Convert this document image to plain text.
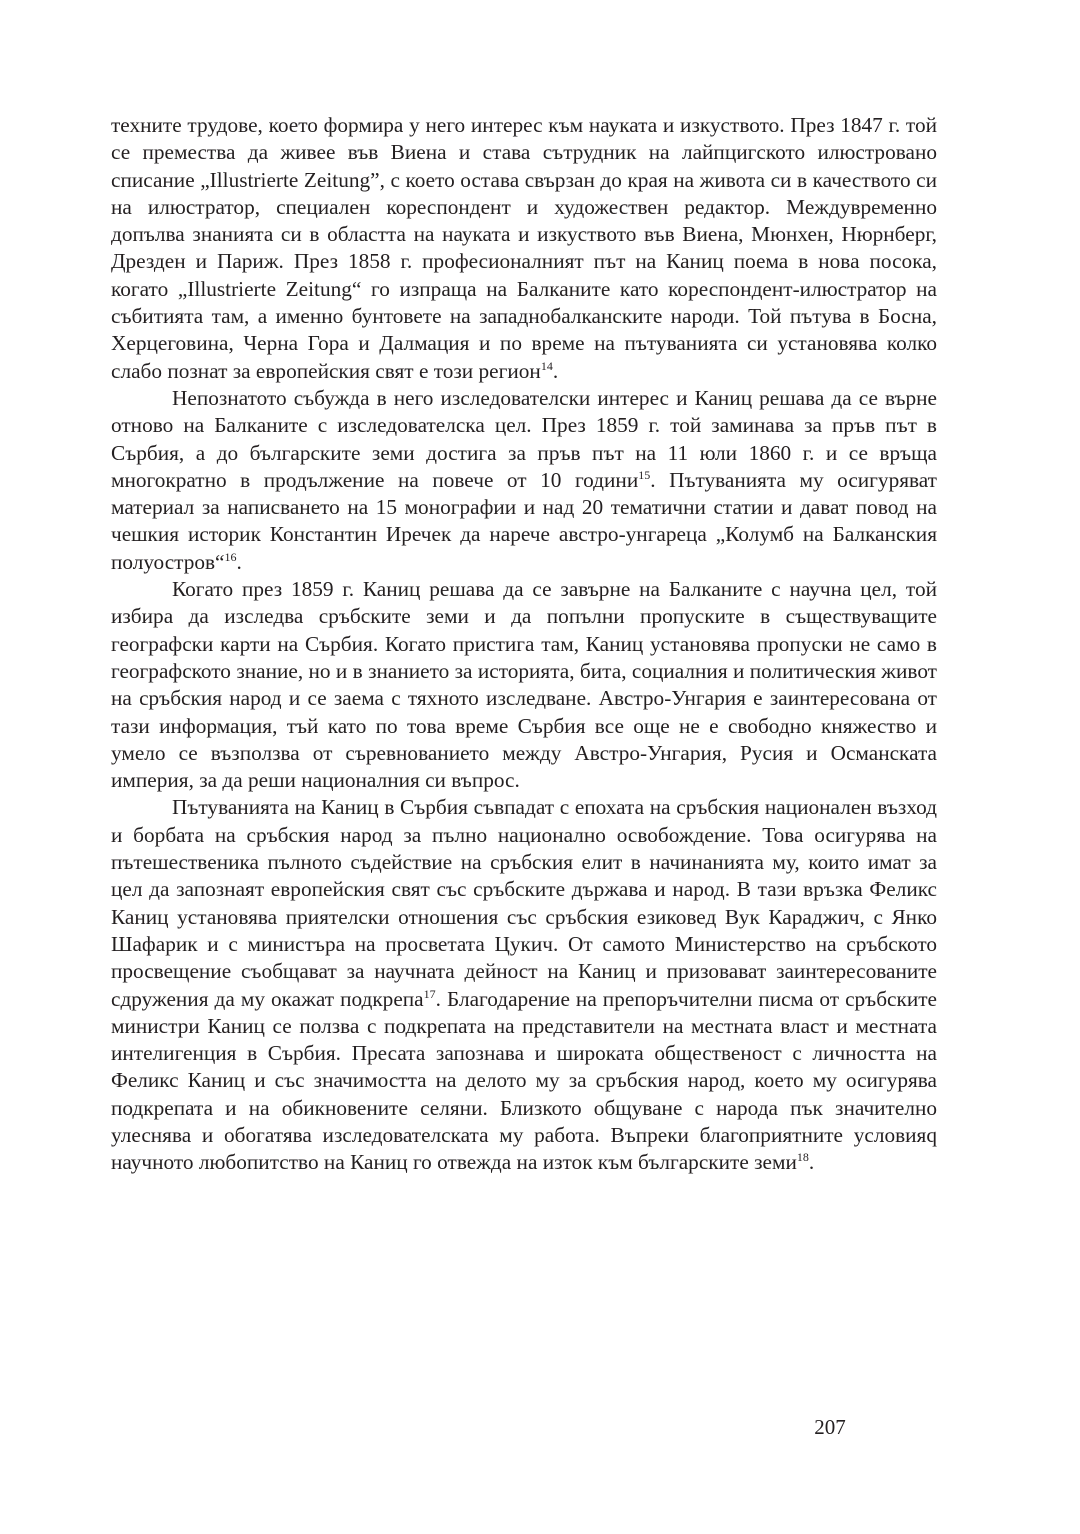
техните трудове, което формира у него интерес към науката и изкуството. През 1847 г. той се премества да живее във Виена и става сътрудник на лайпцигското илюстровано списание „Illustrierte Zeitung”, с което остава свързан до края на живота си в качеството си на илюстратор, специален кореспондент и художествен редактор. Междувременно допълва знанията си в областта на науката и изкуството във Виена, Мюнхен, Нюрнберг, Дрезден и Париж. През 1858 г. професионалният път на Каниц поема в нова посока, когато „Illustrierte Zeitung“ го изпраща на Балканите като кореспондент-илюстратор на събитията там, а именно бунтовете на западнобалканските народи. Той пътува в Босна, Херцеговина, Черна Гора и Далмация и по време на пътуванията си установява колко слабо познат за европейския свят е този регион$^{14}$.

Непознатото събужда в него изследователски интерес и Каниц решава да се върне отново на Балканите с изследователска цел. През 1859 г. той заминава за пръв път в Сърбия, а до българските земи достига за пръв път на 11 юли 1860 г. и се връща многократно в продължение на повече от 10 години$^{15}$. Пътуванията му осигуряват материал за написването на 15 монографии и над 20 тематични статии и дават повод на чешкия историк Константин Иречек да нарече австро-унгареца „Колумб на Балканския полуостров“$^{16}$.

Когато през 1859 г. Каниц решава да се завърне на Балканите с научна цел, той избира да изследва сръбските земи и да попълни пропуските в съществуващите географски карти на Сърбия. Когато пристига там, Каниц установява пропуски не само в географското знание, но и в знанието за историята, бита, социалния и политическия живот на сръбския народ и се заема с тяхното изследване. Австро-Унгария е заинтересована от тази информация, тъй като по това време Сърбия все още не е свободно княжество и умело се възползва от съревнованието между Австро-Унгария, Русия и Османската империя, за да реши националния си въпрос.

Пътуванията на Каниц в Сърбия съвпадат с епохата на сръбския национален възход и борбата на сръбския народ за пълно национално освобождение. Това осигурява на пътешественика пълното съдействие на сръбския елит в начинанията му, които имат за цел да запознаят европейския свят със сръбските държава и народ. В тази връзка Феликс Каниц установява приятелски отношения със сръбския езиковед Вук Караджич, с Янко Шафарик и с министъра на просветата Цукич. От самото Министерство на сръбското просвещение съобщават за научната дейност на Каниц и призовават заинтересованите сдружения да му окажат подкрепа$^{17}$. Благодарение на препоръчителни писма от сръбските министри Каниц се ползва с подкрепата на представители на местната власт и местната интелигенция в Сърбия. Пресата запознава и широката общественост с личността на Феликс Каниц и със значимостта на делото му за сръбския народ, което му осигурява подкрепата и на обикновените селяни. Близкото общуване с народа пък значително улеснява и обогатява изследователската му работа. Въпреки благоприятните условияq научното любопитство на Каниц го отвежда на изток към българските земи$^{18}$.

207
